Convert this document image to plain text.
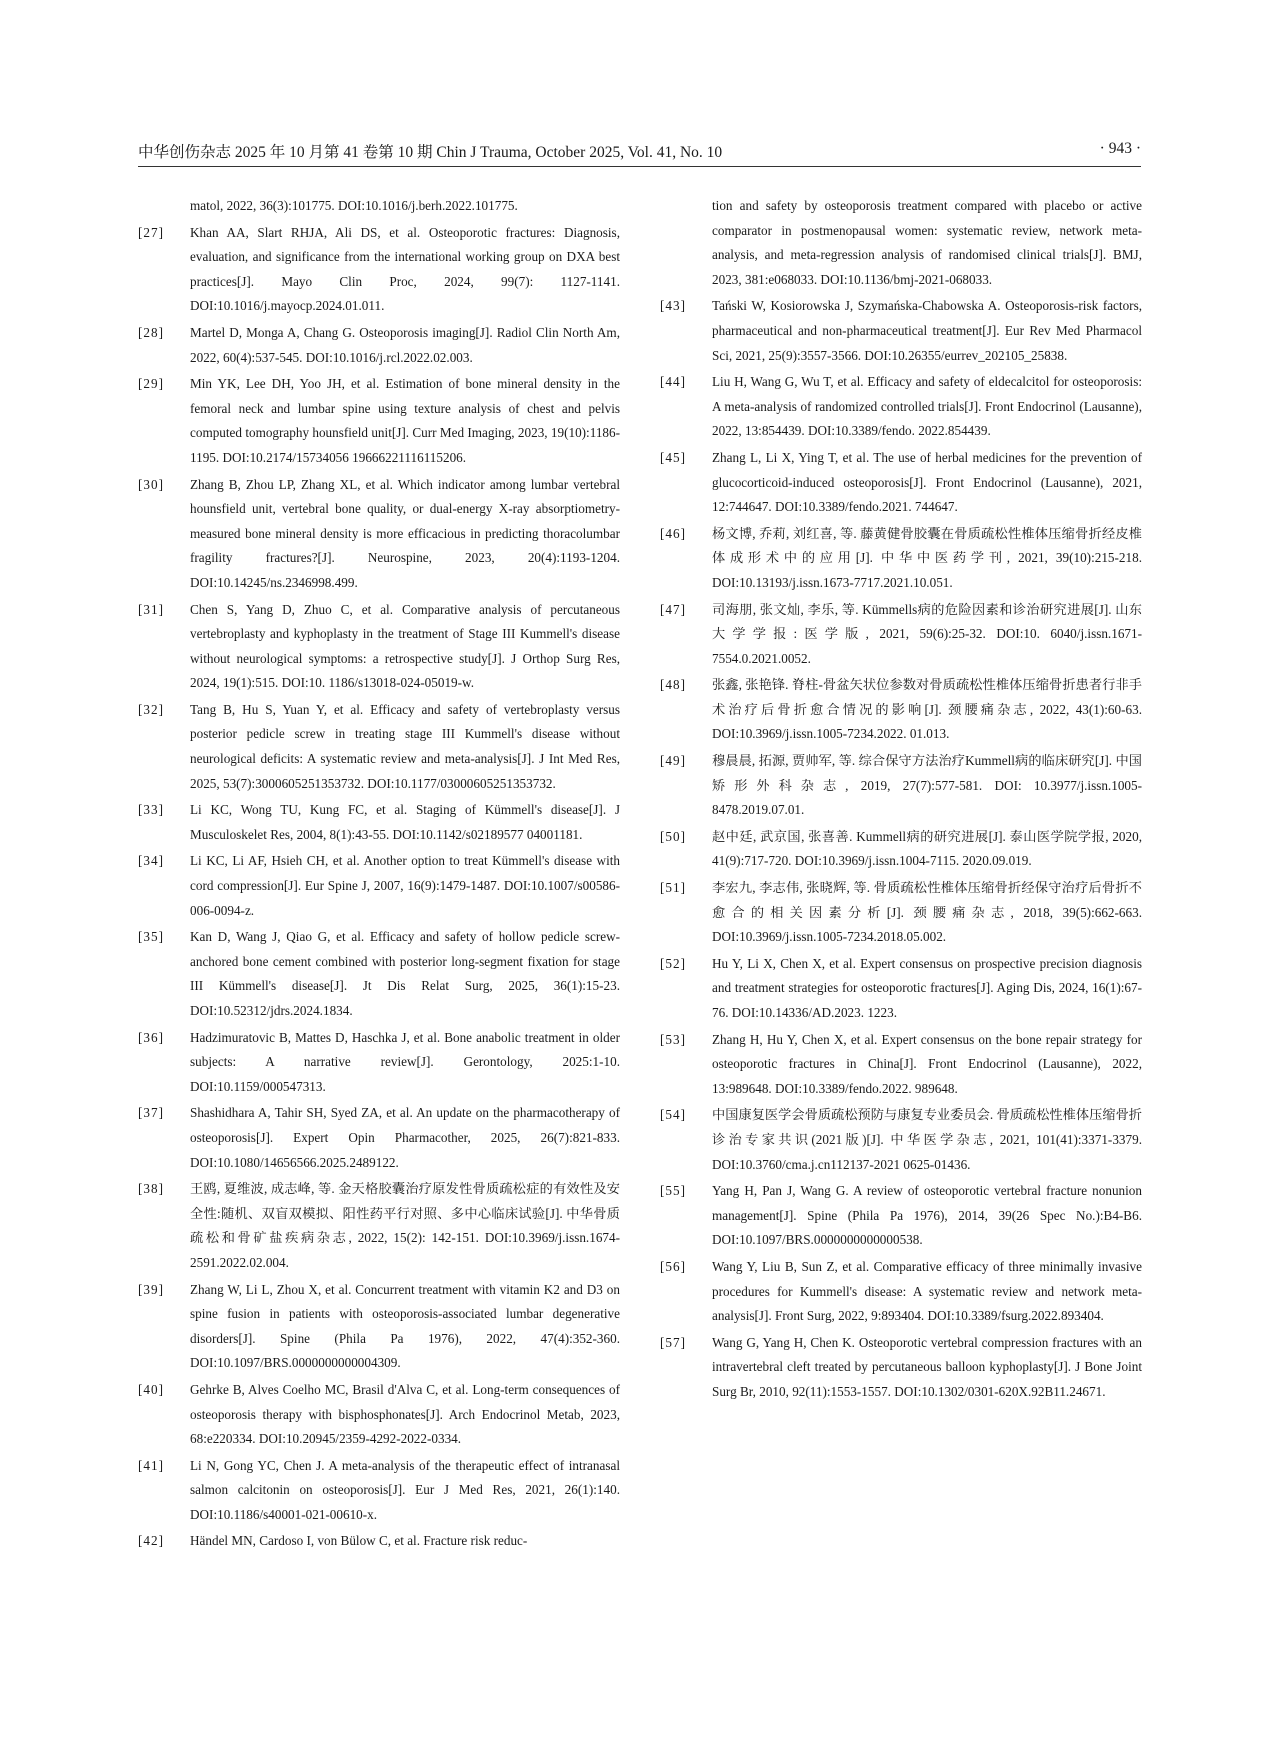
中华创伤杂志 2025 年 10 月第 41 卷第 10 期 Chin J Trauma, October 2025, Vol. 41, No. 10	· 943 ·
matol, 2022, 36(3):101775. DOI:10.1016/j.berh.2022.101775.
[27]	Khan AA, Slart RHJA, Ali DS, et al. Osteoporotic fractures: Diagnosis, evaluation, and significance from the international working group on DXA best practices[J]. Mayo Clin Proc, 2024, 99(7): 1127-1141. DOI:10.1016/j.mayocp.2024.01.011.
[28]	Martel D, Monga A, Chang G. Osteoporosis imaging[J]. Radiol Clin North Am, 2022, 60(4):537-545. DOI:10.1016/j.rcl.2022.02.003.
[29]	Min YK, Lee DH, Yoo JH, et al. Estimation of bone mineral density in the femoral neck and lumbar spine using texture analysis of chest and pelvis computed tomography hounsfield unit[J]. Curr Med Imaging, 2023, 19(10):1186-1195. DOI:10.2174/15734056 19666221116115206.
[30]	Zhang B, Zhou LP, Zhang XL, et al. Which indicator among lumbar vertebral hounsfield unit, vertebral bone quality, or dual-energy X-ray absorptiometry-measured bone mineral density is more efficacious in predicting thoracolumbar fragility fractures?[J]. Neurospine, 2023, 20(4):1193-1204. DOI:10.14245/ns.2346998.499.
[31]	Chen S, Yang D, Zhuo C, et al. Comparative analysis of percutaneous vertebroplasty and kyphoplasty in the treatment of Stage III Kummell's disease without neurological symptoms: a retrospective study[J]. J Orthop Surg Res, 2024, 19(1):515. DOI:10. 1186/s13018-024-05019-w.
[32]	Tang B, Hu S, Yuan Y, et al. Efficacy and safety of vertebroplasty versus posterior pedicle screw in treating stage III Kummell's disease without neurological deficits: A systematic review and meta-analysis[J]. J Int Med Res, 2025, 53(7):3000605251353732. DOI:10.1177/03000605251353732.
[33]	Li KC, Wong TU, Kung FC, et al. Staging of Kümmell's disease[J]. J Musculoskelet Res, 2004, 8(1):43-55. DOI:10.1142/s02189577 04001181.
[34]	Li KC, Li AF, Hsieh CH, et al. Another option to treat Kümmell's disease with cord compression[J]. Eur Spine J, 2007, 16(9):1479-1487. DOI:10.1007/s00586-006-0094-z.
[35]	Kan D, Wang J, Qiao G, et al. Efficacy and safety of hollow pedicle screw-anchored bone cement combined with posterior long-segment fixation for stage III Kümmell's disease[J]. Jt Dis Relat Surg, 2025, 36(1):15-23. DOI:10.52312/jdrs.2024.1834.
[36]	Hadzimuratovic B, Mattes D, Haschka J, et al. Bone anabolic treatment in older subjects: A narrative review[J]. Gerontology, 2025:1-10. DOI:10.1159/000547313.
[37]	Shashidhara A, Tahir SH, Syed ZA, et al. An update on the pharmacotherapy of osteoporosis[J]. Expert Opin Pharmacother, 2025, 26(7):821-833. DOI:10.1080/14656566.2025.2489122.
[38]	王鸥, 夏维波, 成志峰, 等. 金天格胶囊治疗原发性骨质疏松症的有效性及安全性:随机、双盲双模拟、阳性药平行对照、多中心临床试验[J]. 中华骨质疏松和骨矿盐疾病杂志, 2022, 15(2): 142-151. DOI:10.3969/j.issn.1674-2591.2022.02.004.
[39]	Zhang W, Li L, Zhou X, et al. Concurrent treatment with vitamin K2 and D3 on spine fusion in patients with osteoporosis-associated lumbar degenerative disorders[J]. Spine (Phila Pa 1976), 2022, 47(4):352-360. DOI:10.1097/BRS.0000000000004309.
[40]	Gehrke B, Alves Coelho MC, Brasil d'Alva C, et al. Long-term consequences of osteoporosis therapy with bisphosphonates[J]. Arch Endocrinol Metab, 2023, 68:e220334. DOI:10.20945/2359-4292-2022-0334.
[41]	Li N, Gong YC, Chen J. A meta-analysis of the therapeutic effect of intranasal salmon calcitonin on osteoporosis[J]. Eur J Med Res, 2021, 26(1):140. DOI:10.1186/s40001-021-00610-x.
[42]	Händel MN, Cardoso I, von Bülow C, et al. Fracture risk reduc-
tion and safety by osteoporosis treatment compared with placebo or active comparator in postmenopausal women: systematic review, network meta-analysis, and meta-regression analysis of randomised clinical trials[J]. BMJ, 2023, 381:e068033. DOI:10.1136/bmj-2021-068033.
[43]	Tański W, Kosiorowska J, Szymańska-Chabowska A. Osteoporosis-risk factors, pharmaceutical and non-pharmaceutical treatment[J]. Eur Rev Med Pharmacol Sci, 2021, 25(9):3557-3566. DOI:10.26355/eurrev_202105_25838.
[44]	Liu H, Wang G, Wu T, et al. Efficacy and safety of eldecalcitol for osteoporosis: A meta-analysis of randomized controlled trials[J]. Front Endocrinol (Lausanne), 2022, 13:854439. DOI:10.3389/fendo. 2022.854439.
[45]	Zhang L, Li X, Ying T, et al. The use of herbal medicines for the prevention of glucocorticoid-induced osteoporosis[J]. Front Endocrinol (Lausanne), 2021, 12:744647. DOI:10.3389/fendo.2021. 744647.
[46]	杨文博, 乔莉, 刘红喜, 等. 藤黄健骨胶囊在骨质疏松性椎体压缩骨折经皮椎体成形术中的应用[J]. 中华中医药学刊, 2021, 39(10):215-218. DOI:10.13193/j.issn.1673-7717.2021.10.051.
[47]	司海朋, 张文灿, 李乐, 等. Kümmells病的危险因素和诊治研究进展[J]. 山东大学学报:医学版, 2021, 59(6):25-32. DOI:10. 6040/j.issn.1671-7554.0.2021.0052.
[48]	张鑫, 张艳锋. 脊柱-骨盆矢状位参数对骨质疏松性椎体压缩骨折患者行非手术治疗后骨折愈合情况的影响[J]. 颈腰痛杂志, 2022, 43(1):60-63. DOI:10.3969/j.issn.1005-7234.2022. 01.013.
[49]	穆晨晨, 拓源, 贾帅军, 等. 综合保守方法治疗Kummell病的临床研究[J]. 中国矫形外科杂志, 2019, 27(7):577-581. DOI: 10.3977/j.issn.1005-8478.2019.07.01.
[50]	赵中廷, 武京国, 张喜善. Kummell病的研究进展[J]. 泰山医学院学报, 2020, 41(9):717-720. DOI:10.3969/j.issn.1004-7115. 2020.09.019.
[51]	李宏九, 李志伟, 张晓辉, 等. 骨质疏松性椎体压缩骨折经保守治疗后骨折不愈合的相关因素分析[J]. 颈腰痛杂志, 2018, 39(5):662-663. DOI:10.3969/j.issn.1005-7234.2018.05.002.
[52]	Hu Y, Li X, Chen X, et al. Expert consensus on prospective precision diagnosis and treatment strategies for osteoporotic fractures[J]. Aging Dis, 2024, 16(1):67-76. DOI:10.14336/AD.2023. 1223.
[53]	Zhang H, Hu Y, Chen X, et al. Expert consensus on the bone repair strategy for osteoporotic fractures in China[J]. Front Endocrinol (Lausanne), 2022, 13:989648. DOI:10.3389/fendo.2022. 989648.
[54]	中国康复医学会骨质疏松预防与康复专业委员会. 骨质疏松性椎体压缩骨折诊治专家共识(2021版)[J]. 中华医学杂志, 2021, 101(41):3371-3379. DOI:10.3760/cma.j.cn112137-2021 0625-01436.
[55]	Yang H, Pan J, Wang G. A review of osteoporotic vertebral fracture nonunion management[J]. Spine (Phila Pa 1976), 2014, 39(26 Spec No.):B4-B6. DOI:10.1097/BRS.0000000000000538.
[56]	Wang Y, Liu B, Sun Z, et al. Comparative efficacy of three minimally invasive procedures for Kummell's disease: A systematic review and network meta-analysis[J]. Front Surg, 2022, 9:893404. DOI:10.3389/fsurg.2022.893404.
[57]	Wang G, Yang H, Chen K. Osteoporotic vertebral compression fractures with an intravertebral cleft treated by percutaneous balloon kyphoplasty[J]. J Bone Joint Surg Br, 2010, 92(11):1553-1557. DOI:10.1302/0301-620X.92B11.24671.
